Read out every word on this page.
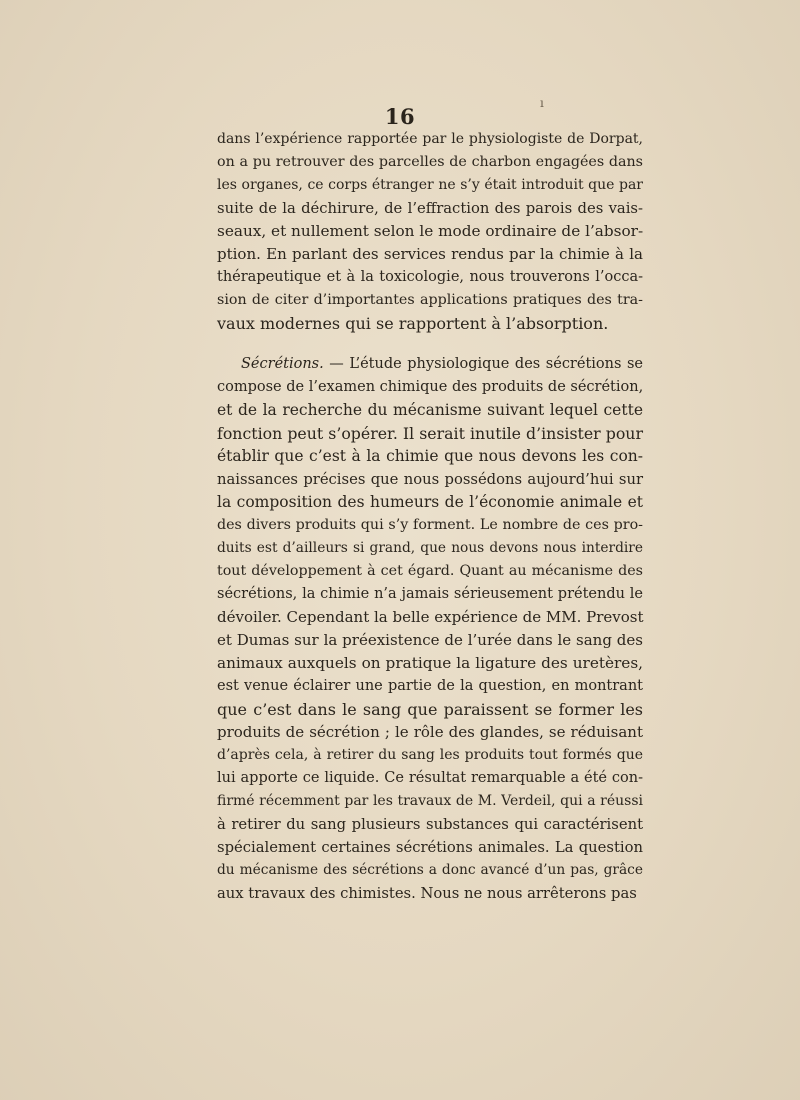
ı
16
dans l’expérience rapportée par le physiologiste de Dorpat,
on a pu retrouver des parcelles de charbon engagées dans
les organes, ce corps étranger ne s’y était introduit que par
suite de la déchirure, de l’effraction des parois des vais-
seaux, et nullement selon le mode ordinaire de l’absor-
ption. En parlant des services rendus par la chimie à la
thérapeutique et à la toxicologie, nous trouverons l’occa-
sion de citer d’importantes applications pratiques des tra-
vaux modernes qui se rapportent à l’absorption.
Sécrétions. — L’étude physiologique des sécrétions se
compose de l’examen chimique des produits de sécrétion,
et de la recherche du mécanisme suivant lequel cette
fonction peut s’opérer. Il serait inutile d’insister pour
établir que c’est à la chimie que nous devons les con-
naissances précises que nous possédons aujourd’hui sur
la composition des humeurs de l’économie animale et
des divers produits qui s’y forment. Le nombre de ces pro-
duits est d’ailleurs si grand, que nous devons nous interdire
tout développement à cet égard. Quant au mécanisme des
sécrétions, la chimie n’a jamais sérieusement prétendu le
dévoiler. Cependant la belle expérience de MM. Prevost
et Dumas sur la préexistence de l’urée dans le sang des
animaux auxquels on pratique la ligature des uretères,
est venue éclairer une partie de la question, en montrant
que c’est dans le sang que paraissent se former les
produits de sécrétion ; le rôle des glandes, se réduisant
d’après cela, à retirer du sang les produits tout formés que
lui apporte ce liquide. Ce résultat remarquable a été con-
firmé récemment par les travaux de M. Verdeil, qui a réussi
à retirer du sang plusieurs substances qui caractérisent
spécialement certaines sécrétions animales. La question
du mécanisme des sécrétions a donc avancé d’un pas, grâce
aux travaux des chimistes. Nous ne nous arrêterons pas
